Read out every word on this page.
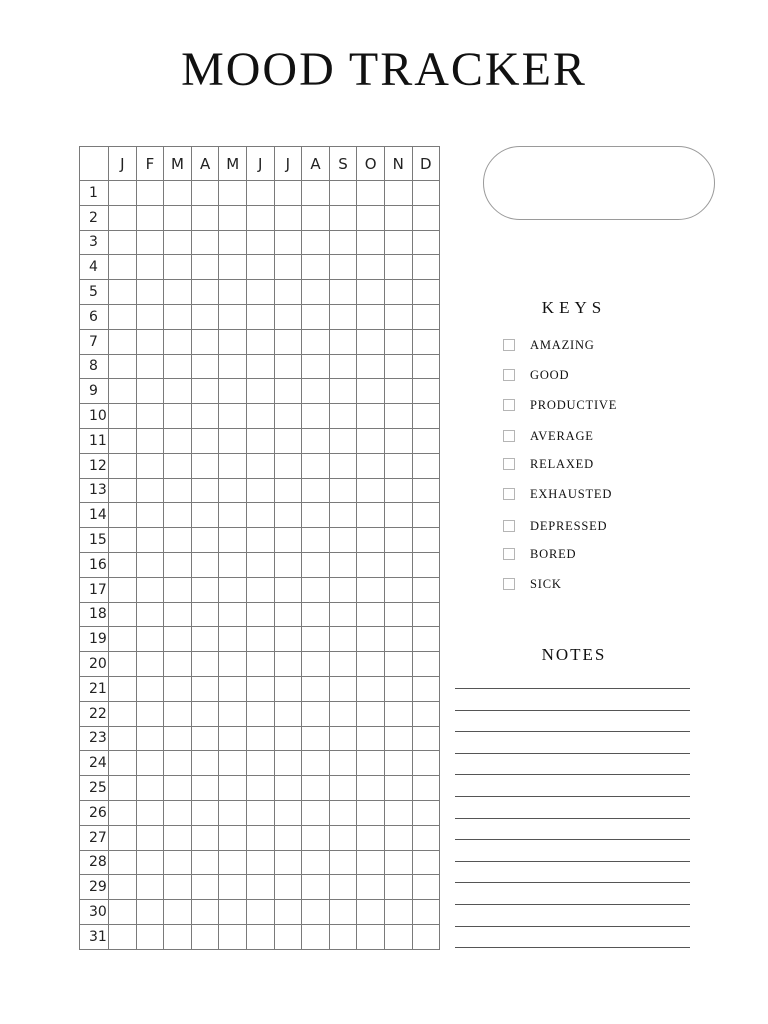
MOOD TRACKER
	J	F	M	A	M	J	J	A	S	O	N	D
1												
2												
3												
4												
5												
6												
7												
8												
9												
10												
11												
12												
13												
14												
15												
16												
17												
18												
19												
20												
21												
22												
23												
24												
25												
26												
27												
28												
29												
30												
31												
KEYS
AMAZING
GOOD
PRODUCTIVE
AVERAGE
RELAXED
EXHAUSTED
DEPRESSED
BORED
SICK
NOTES
